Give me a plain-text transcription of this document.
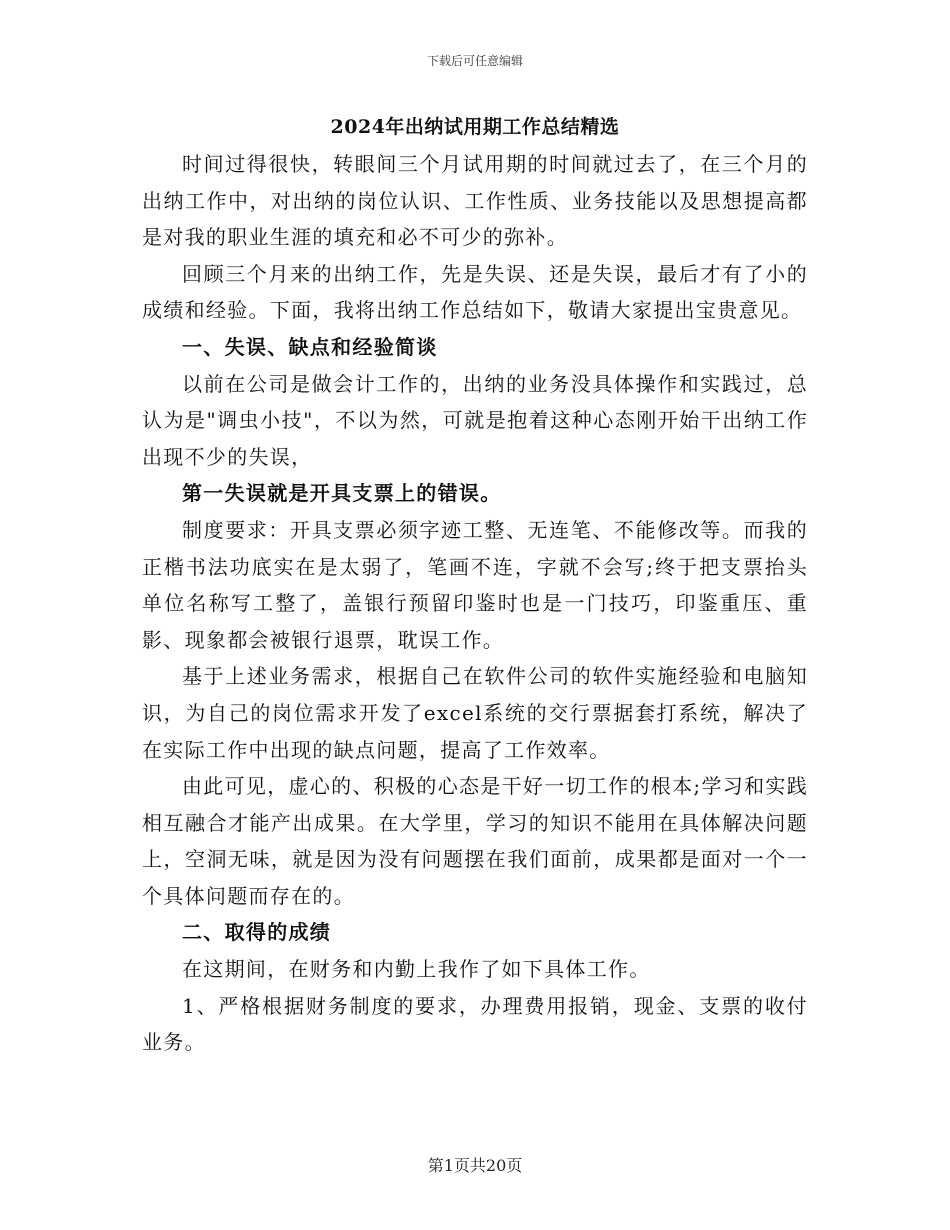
下载后可任意编辑
2024年出纳试用期工作总结精选

时间过得很快，转眼间三个月试用期的时间就过去了，在三个月的出纳工作中，对出纳的岗位认识、工作性质、业务技能以及思想提高都是对我的职业生涯的填充和必不可少的弥补。

回顾三个月来的出纳工作，先是失误、还是失误，最后才有了小的成绩和经验。下面，我将出纳工作总结如下，敬请大家提出宝贵意见。

一、失误、缺点和经验简谈

以前在公司是做会计工作的，出纳的业务没具体操作和实践过，总认为是"调虫小技"，不以为然，可就是抱着这种心态刚开始干出纳工作出现不少的失误，

第一失误就是开具支票上的错误。

制度要求：开具支票必须字迹工整、无连笔、不能修改等。而我的正楷书法功底实在是太弱了，笔画不连，字就不会写;终于把支票抬头单位名称写工整了，盖银行预留印鉴时也是一门技巧，印鉴重压、重影、现象都会被银行退票，耽误工作。

基于上述业务需求，根据自己在软件公司的软件实施经验和电脑知识，为自己的岗位需求开发了excel系统的交行票据套打系统，解决了在实际工作中出现的缺点问题，提高了工作效率。

由此可见，虚心的、积极的心态是干好一切工作的根本;学习和实践相互融合才能产出成果。在大学里，学习的知识不能用在具体解决问题上，空洞无味，就是因为没有问题摆在我们面前，成果都是面对一个一个具体问题而存在的。

二、取得的成绩

在这期间，在财务和内勤上我作了如下具体工作。

1、严格根据财务制度的要求，办理费用报销，现金、支票的收付业务。

第1页共20页
